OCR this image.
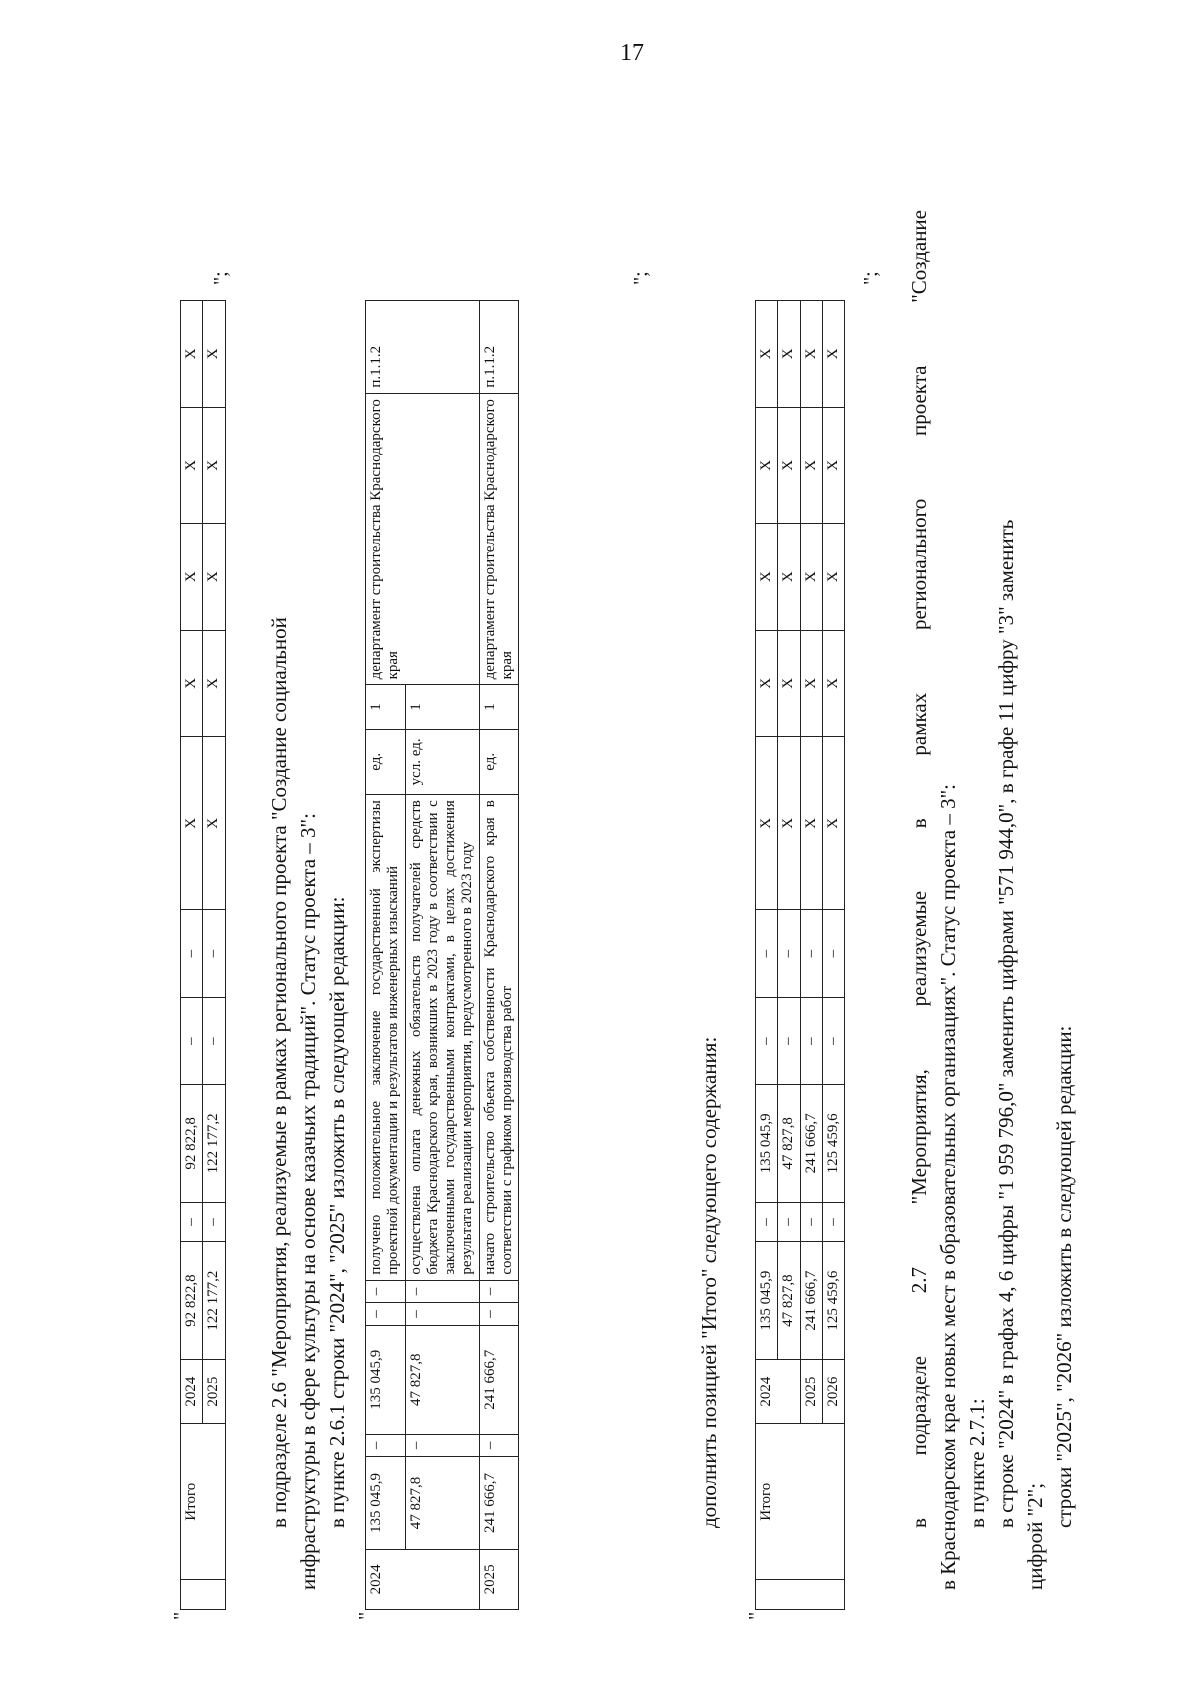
17
"
	Итого	2024	92 822,8	–	92 822,8	–	–	Х	Х	Х	Х	Х
		2025	122 177,2	–	122 177,2	–	–	Х	Х	Х	Х	Х
";
в подразделе 2.6 "Мероприятия, реализуемые в рамках регионального проекта "Создание социальной инфраструктуры в сфере культуры на основе казачьих традиций". Статус проекта – 3": в пункте 2.6.1 строки "2024", "2025" изложить в следующей редакции:
"
2024	135 045,9	–	135 045,9	–	–	получено положительное заключение государственной экспертизы проектной документации и результатов инженерных изысканий	ед.	1	департамент строительства Краснодарского края	п.1.1.2
	47 827,8	–	47 827,8	–	–	осуществлена оплата денежных обязательств получателей средств бюджета Краснодарского края, возникших в 2023 году в соответствии с заключенными государственными контрактами, в целях достижения результата реализации мероприятия, предусмотренного в 2023 году	усл. ед.	1		
2025	241 666,7	–	241 666,7	–	–	начато строительство объекта собственности Краснодарского края в соответствии с графиком производства работ	ед.	1	департамент строительства Краснодарского края	п.1.1.2
";
дополнить позицией "Итого" следующего содержания:
"
	Итого	2024	135 045,9	–	135 045,9	–	–	Х	Х	Х	Х	Х
			47 827,8	–	47 827,8	–	–	Х	Х	Х	Х	Х
		2025	241 666,7	–	241 666,7	–	–	Х	Х	Х	Х	Х
		2026	125 459,6	–	125 459,6	–	–	Х	Х	Х	Х	Х
"; в подразделе 2.7 "Мероприятия, реализуемые в рамках регионального проекта "Создание в Краснодарском крае новых мест в образовательных организациях". Статус проекта – 3": в пункте 2.7.1: в строке "2024" в графах 4, 6 цифры "1 959 796,0" заменить цифрами "571 944,0", в графе 11 цифру "3" заменить
цифрой "2";
строки "2025", "2026" изложить в следующей редакции:
